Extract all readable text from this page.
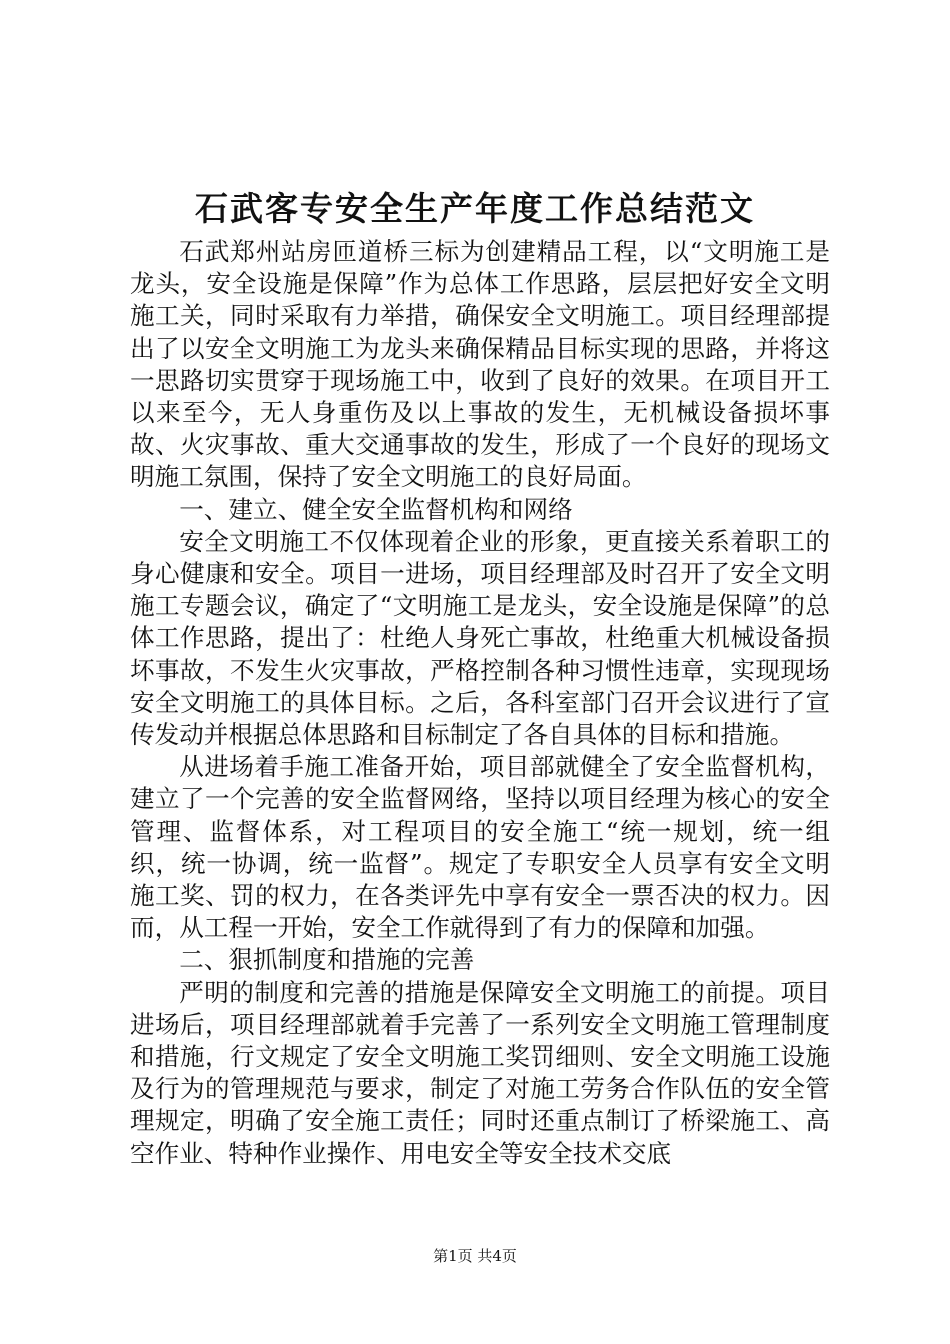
石武客专安全生产年度工作总结范文

石武郑州站房匝道桥三标为创建精品工程，以“文明施工是龙头，安全设施是保障”作为总体工作思路，层层把好安全文明施工关，同时采取有力举措，确保安全文明施工。项目经理部提出了以安全文明施工为龙头来确保精品目标实现的思路，并将这一思路切实贯穿于现场施工中，收到了良好的效果。在项目开工以来至今，无人身重伤及以上事故的发生，无机械设备损坏事故、火灾事故、重大交通事故的发生，形成了一个良好的现场文明施工氛围，保持了安全文明施工的良好局面。

一、建立、健全安全监督机构和网络

安全文明施工不仅体现着企业的形象，更直接关系着职工的身心健康和安全。项目一进场，项目经理部及时召开了安全文明施工专题会议，确定了“文明施工是龙头，安全设施是保障”的总体工作思路，提出了：杜绝人身死亡事故，杜绝重大机械设备损坏事故，不发生火灾事故，严格控制各种习惯性违章，实现现场安全文明施工的具体目标。之后，各科室部门召开会议进行了宣传发动并根据总体思路和目标制定了各自具体的目标和措施。

从进场着手施工准备开始，项目部就健全了安全监督机构，建立了一个完善的安全监督网络，坚持以项目经理为核心的安全管理、监督体系，对工程项目的安全施工“统一规划，统一组织，统一协调，统一监督”。规定了专职安全人员享有安全文明施工奖、罚的权力，在各类评先中享有安全一票否决的权力。因而，从工程一开始，安全工作就得到了有力的保障和加强。

二、狠抓制度和措施的完善

严明的制度和完善的措施是保障安全文明施工的前提。项目进场后，项目经理部就着手完善了一系列安全文明施工管理制度和措施，行文规定了安全文明施工奖罚细则、安全文明施工设施及行为的管理规范与要求，制定了对施工劳务合作队伍的安全管理规定，明确了安全施工责任；同时还重点制订了桥梁施工、高空作业、特种作业操作、用电安全等安全技术交底

第1页 共4页
